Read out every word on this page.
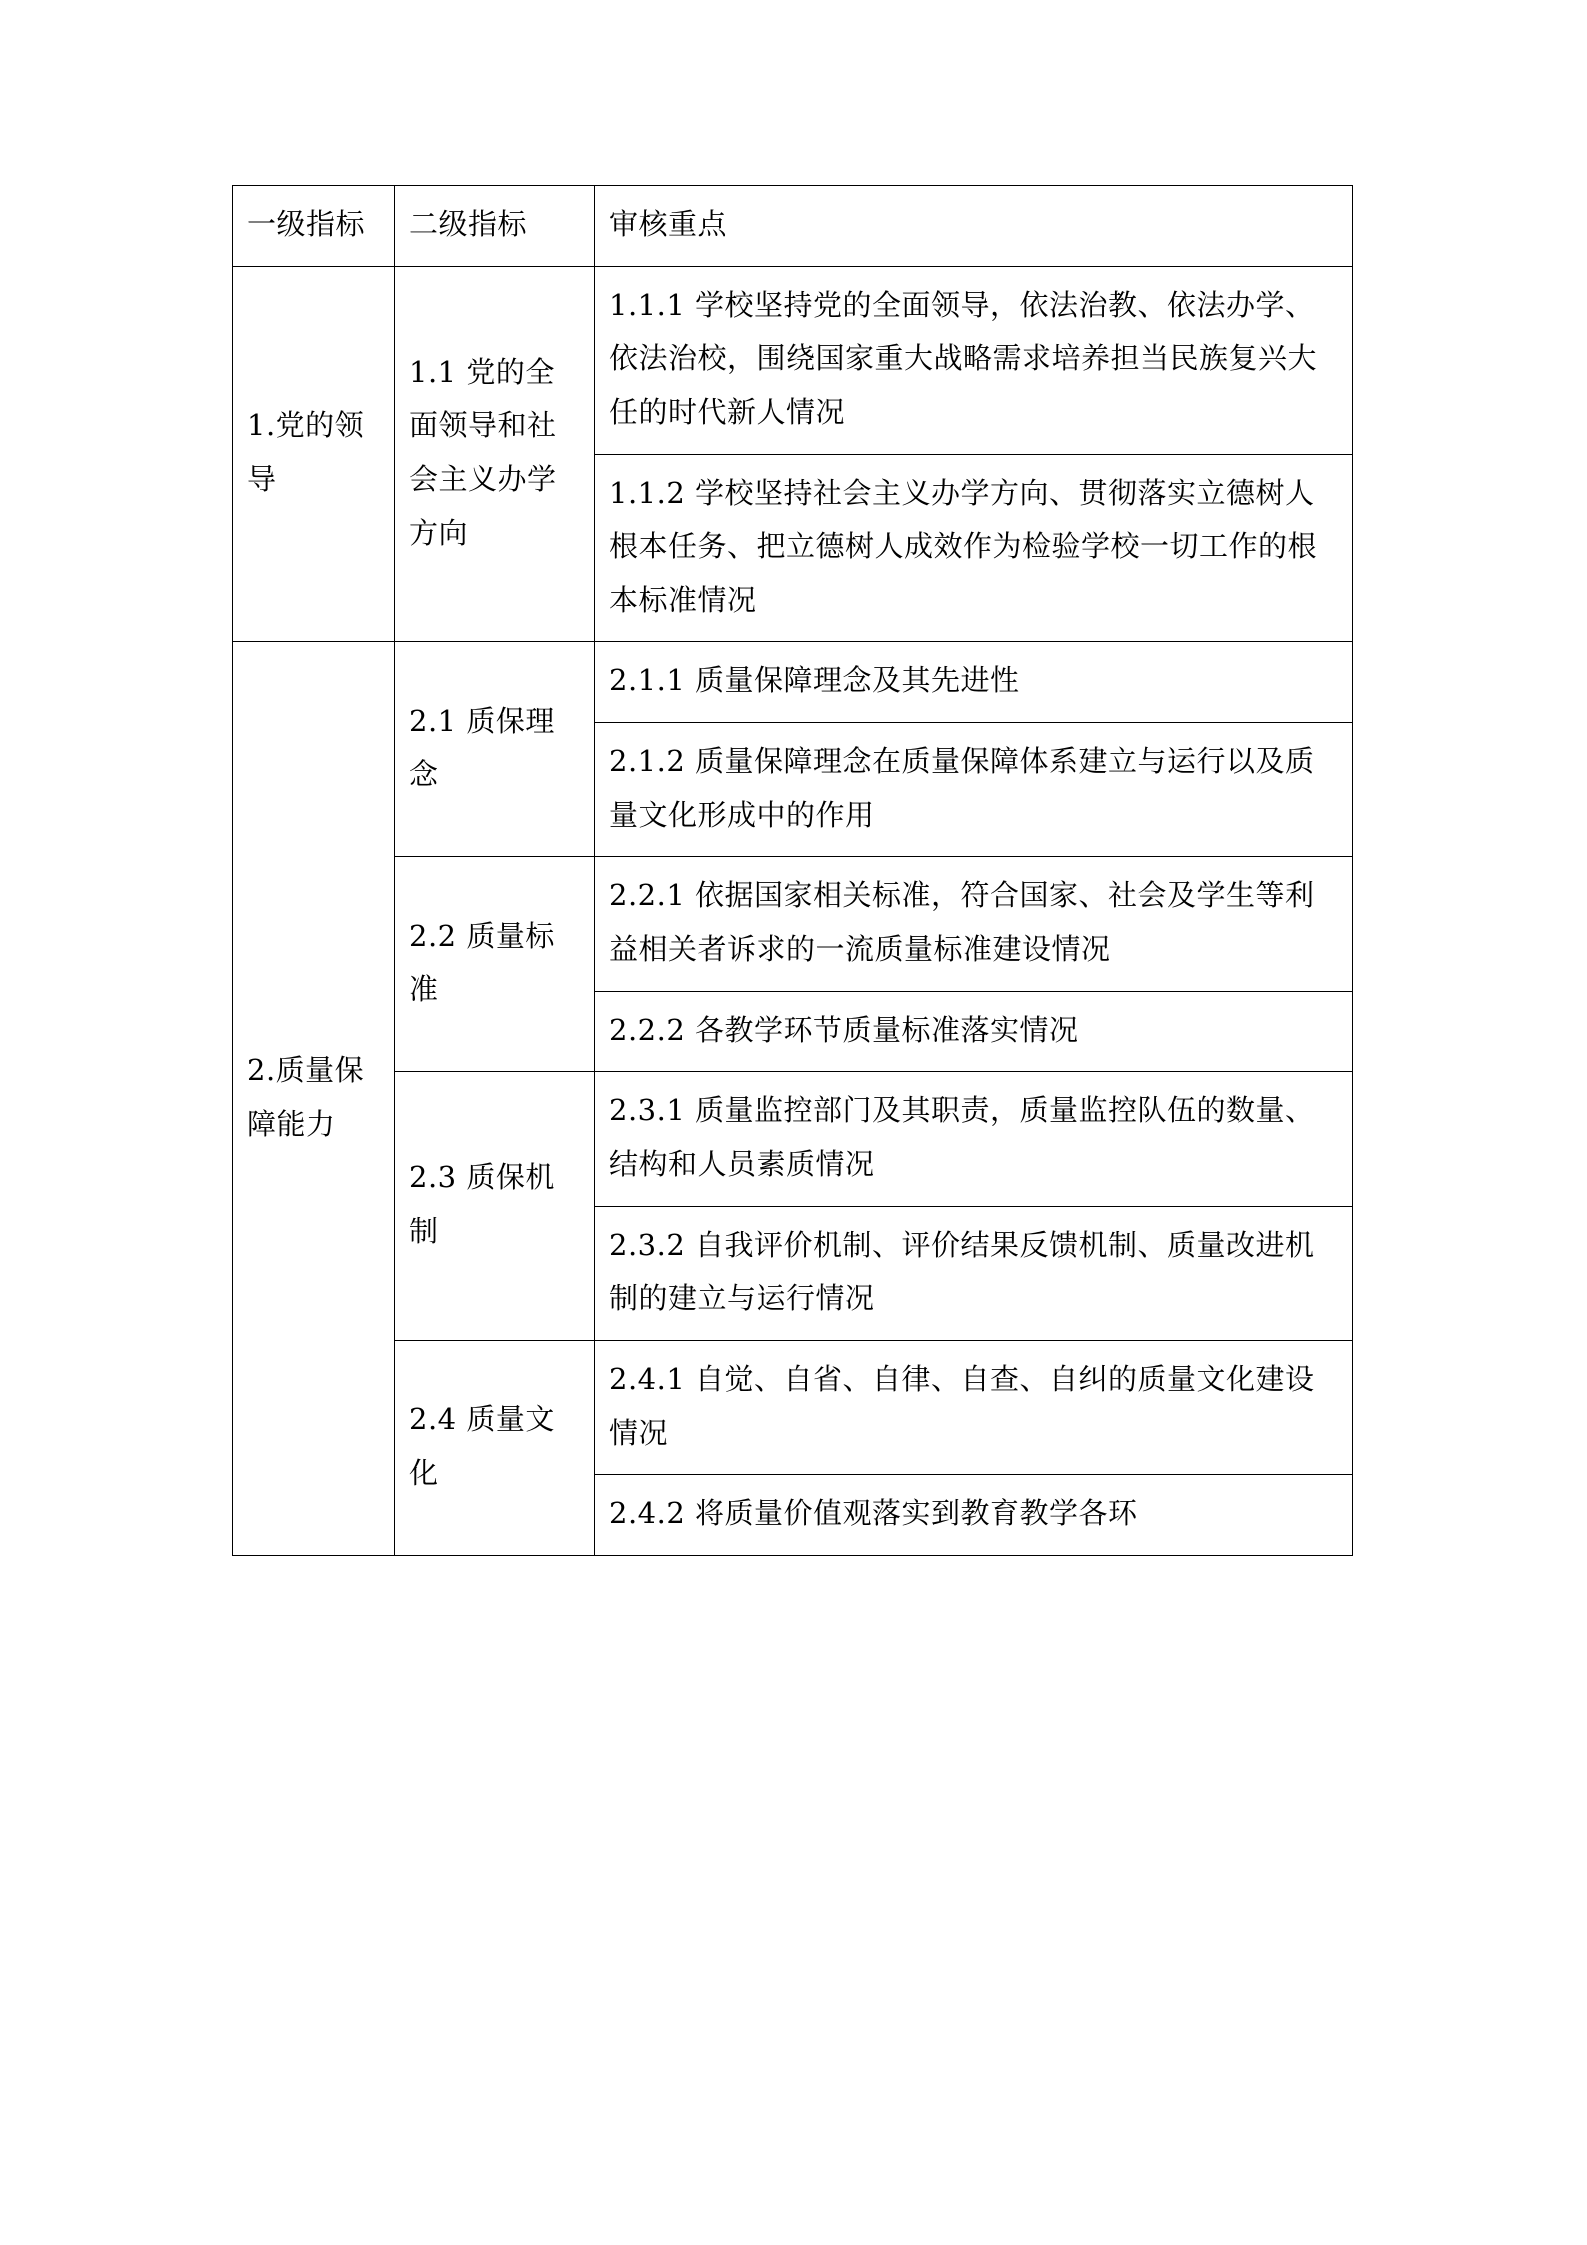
一级指标	二级指标	审核重点
1.党的领导	1.1 党的全面领导和社会主义办学方向	1.1.1 学校坚持党的全面领导，依法治教、依法办学、依法治校，围绕国家重大战略需求培养担当民族复兴大任的时代新人情况
		1.1.2 学校坚持社会主义办学方向、贯彻落实立德树人根本任务、把立德树人成效作为检验学校一切工作的根本标准情况
2.质量保障能力	2.1 质保理念	2.1.1 质量保障理念及其先进性
		2.1.2 质量保障理念在质量保障体系建立与运行以及质量文化形成中的作用
	2.2 质量标准	2.2.1 依据国家相关标准，符合国家、社会及学生等利益相关者诉求的一流质量标准建设情况
		2.2.2 各教学环节质量标准落实情况
	2.3 质保机制	2.3.1 质量监控部门及其职责，质量监控队伍的数量、结构和人员素质情况
		2.3.2 自我评价机制、评价结果反馈机制、质量改进机制的建立与运行情况
	2.4 质量文化	2.4.1 自觉、自省、自律、自查、自纠的质量文化建设情况
		2.4.2 将质量价值观落实到教育教学各环
